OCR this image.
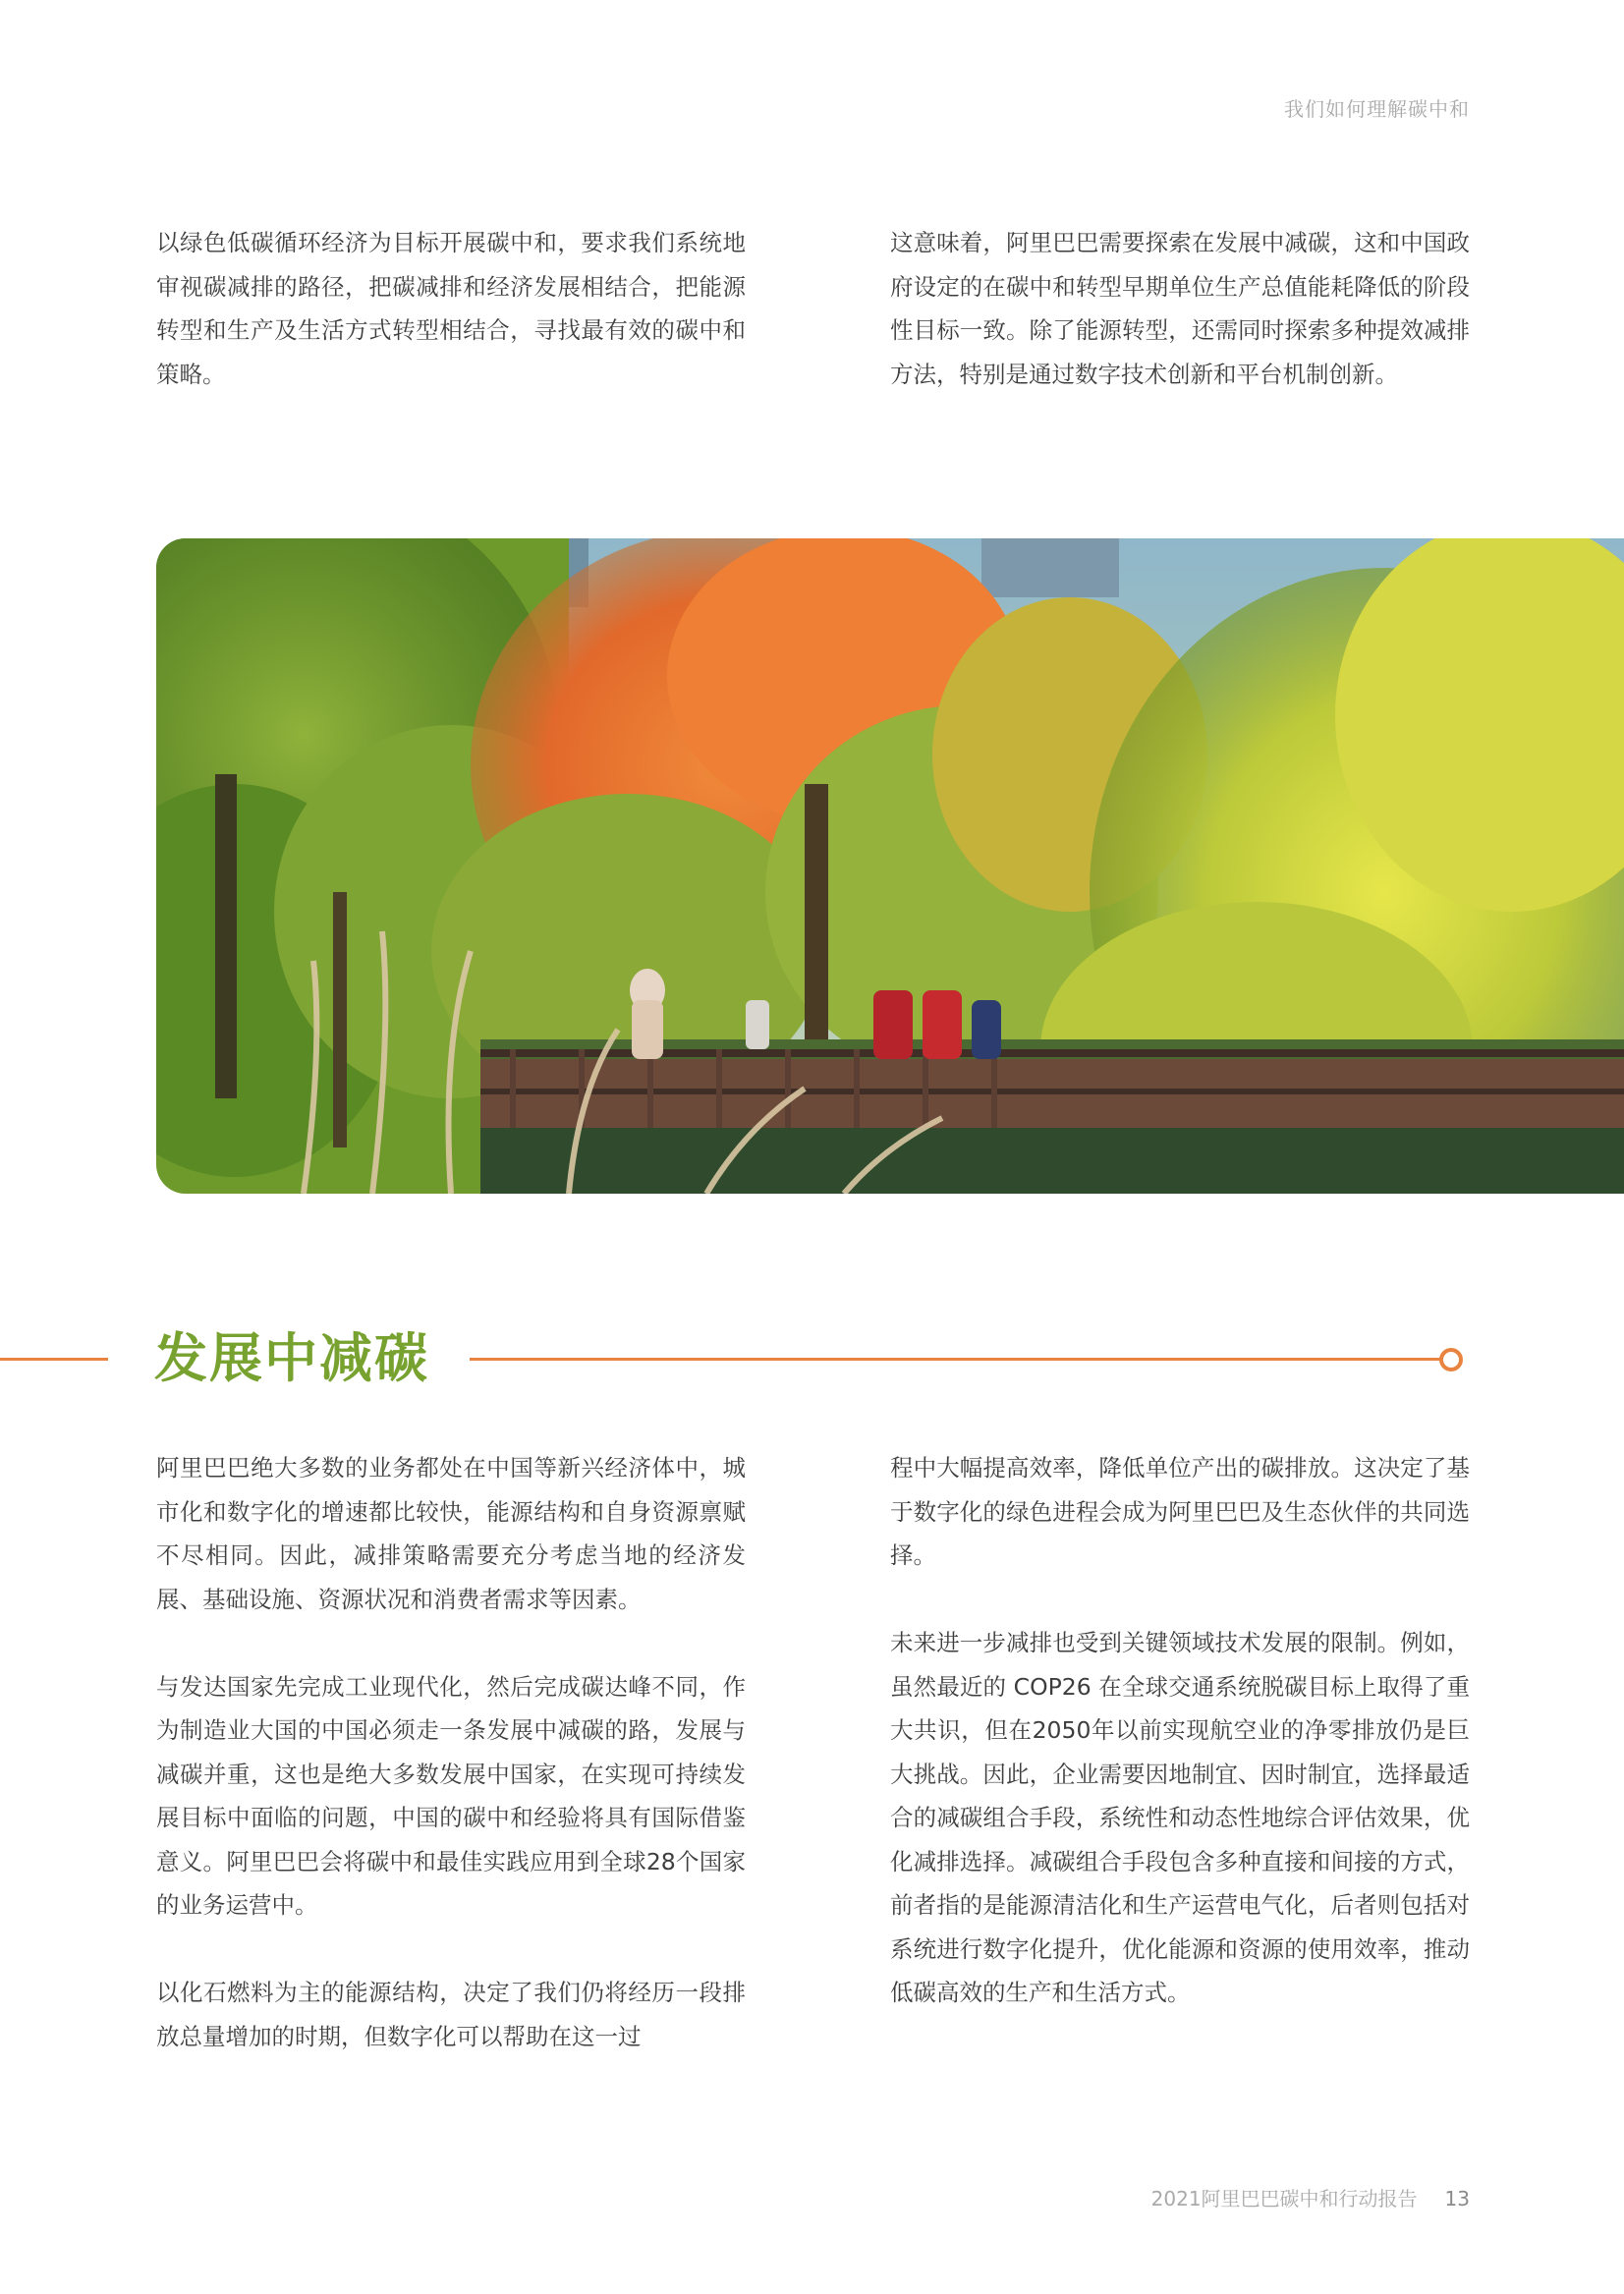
我们如何理解碳中和

以绿色低碳循环经济为目标开展碳中和，要求我们系统地审视碳减排的路径，把碳减排和经济发展相结合，把能源转型和生产及生活方式转型相结合，寻找最有效的碳中和策略。

这意味着，阿里巴巴需要探索在发展中减碳，这和中国政府设定的在碳中和转型早期单位生产总值能耗降低的阶段性目标一致。除了能源转型，还需同时探索多种提效减排方法，特别是通过数字技术创新和平台机制创新。

发展中减碳

阿里巴巴绝大多数的业务都处在中国等新兴经济体中，城市化和数字化的增速都比较快，能源结构和自身资源禀赋不尽相同。因此，减排策略需要充分考虑当地的经济发展、基础设施、资源状况和消费者需求等因素。

与发达国家先完成工业现代化，然后完成碳达峰不同，作为制造业大国的中国必须走一条发展中减碳的路，发展与减碳并重，这也是绝大多数发展中国家，在实现可持续发展目标中面临的问题，中国的碳中和经验将具有国际借鉴意义。阿里巴巴会将碳中和最佳实践应用到全球28个国家的业务运营中。

以化石燃料为主的能源结构，决定了我们仍将经历一段排放总量增加的时期，但数字化可以帮助在这一过

程中大幅提高效率，降低单位产出的碳排放。这决定了基于数字化的绿色进程会成为阿里巴巴及生态伙伴的共同选择。

未来进一步减排也受到关键领域技术发展的限制。例如，虽然最近的 COP26 在全球交通系统脱碳目标上取得了重大共识，但在2050年以前实现航空业的净零排放仍是巨大挑战。因此，企业需要因地制宜、因时制宜，选择最适合的减碳组合手段，系统性和动态性地综合评估效果，优化减排选择。减碳组合手段包含多种直接和间接的方式，前者指的是能源清洁化和生产运营电气化，后者则包括对系统进行数字化提升，优化能源和资源的使用效率，推动低碳高效的生产和生活方式。

2021阿里巴巴碳中和行动报告 13
